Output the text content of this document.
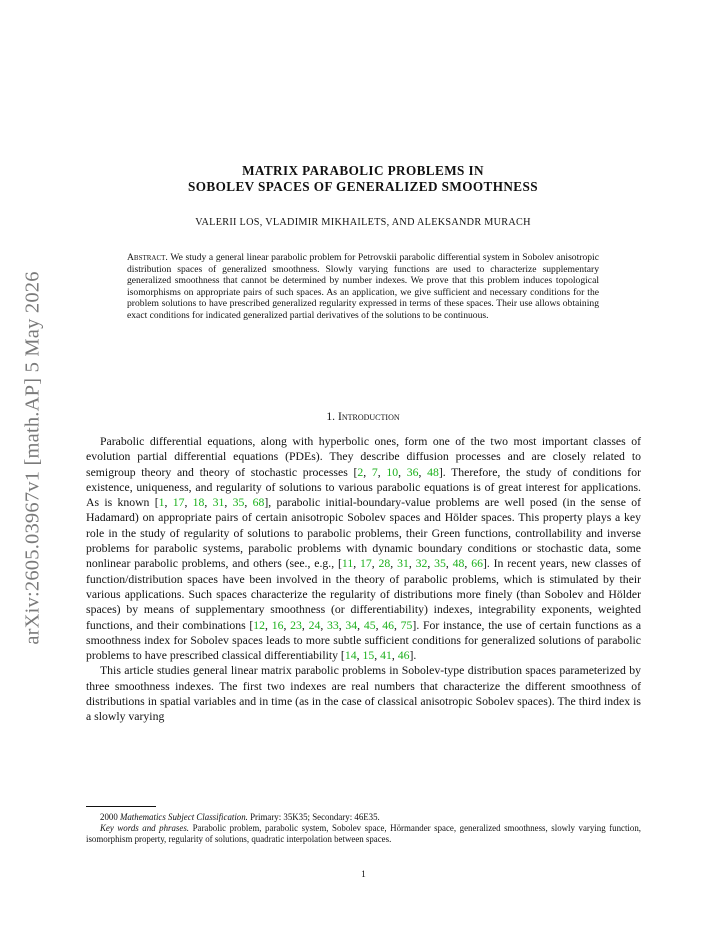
arXiv:2605.03967v1 [math.AP] 5 May 2026
MATRIX PARABOLIC PROBLEMS IN
SOBOLEV SPACES OF GENERALIZED SMOOTHNESS
VALERII LOS, VLADIMIR MIKHAILETS, AND ALEKSANDR MURACH
Abstract. We study a general linear parabolic problem for Petrovskii parabolic differential system in Sobolev anisotropic distribution spaces of generalized smoothness. Slowly varying functions are used to characterize supplementary generalized smoothness that cannot be determined by number indexes. We prove that this problem induces topological isomorphisms on appropriate pairs of such spaces. As an application, we give sufficient and necessary conditions for the problem solutions to have prescribed generalized regularity expressed in terms of these spaces. Their use allows obtaining exact conditions for indicated generalized partial derivatives of the solutions to be continuous.
1. Introduction

Parabolic differential equations, along with hyperbolic ones, form one of the two most important classes of evolution partial differential equations (PDEs). They describe diffusion processes and are closely related to semigroup theory and theory of stochastic processes [2, 7, 10, 36, 48]. Therefore, the study of conditions for existence, uniqueness, and regularity of solutions to various parabolic equations is of great interest for applications. As is known [1, 17, 18, 31, 35, 68], parabolic initial-boundary-value problems are well posed (in the sense of Hadamard) on appropriate pairs of certain anisotropic Sobolev spaces and Hölder spaces. This property plays a key role in the study of regularity of solutions to parabolic problems, their Green functions, controllability and inverse problems for parabolic systems, parabolic problems with dynamic boundary conditions or stochastic data, some nonlinear parabolic problems, and others (see., e.g., [11, 17, 28, 31, 32, 35, 48, 66]. In recent years, new classes of function/distribution spaces have been involved in the theory of parabolic problems, which is stimulated by their various applications. Such spaces characterize the regularity of distributions more finely (than Sobolev and Hölder spaces) by means of supplementary smoothness (or differentiability) indexes, integrability exponents, weighted functions, and their combinations [12, 16, 23, 24, 33, 34, 45, 46, 75]. For instance, the use of certain functions as a smoothness index for Sobolev spaces leads to more subtle sufficient conditions for generalized solutions of parabolic problems to have prescribed classical differentiability [14, 15, 41, 46].

This article studies general linear matrix parabolic problems in Sobolev-type distribution spaces parameterized by three smoothness indexes. The first two indexes are real numbers that characterize the different smoothness of distributions in spatial variables and in time (as in the case of classical anisotropic Sobolev spaces). The third index is a slowly varying

2000 Mathematics Subject Classification. Primary: 35K35; Secondary: 46E35.

Key words and phrases. Parabolic problem, parabolic system, Sobolev space, Hörmander space, generalized smoothness, slowly varying function, isomorphism property, regularity of solutions, quadratic interpolation between spaces.

1
